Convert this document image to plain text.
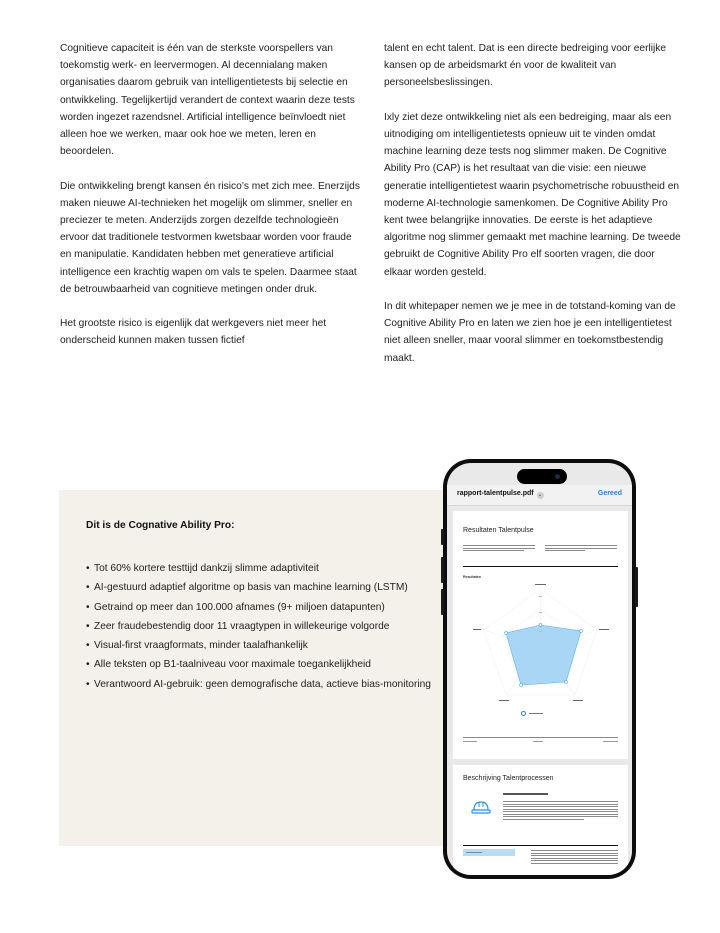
Cognitieve capaciteit is één van de sterkste voorspellers van toekomstig werk- en leervermogen. Al decennialang maken organisaties daarom gebruik van intelligentietests bij selectie en ontwikkeling. Tegelijkertijd verandert de context waarin deze tests worden ingezet razendsnel. Artificial intelligence beïnvloedt niet alleen hoe we werken, maar ook hoe we meten, leren en beoordelen.

Die ontwikkeling brengt kansen én risico’s met zich mee. Enerzijds maken nieuwe AI-technieken het mogelijk om slimmer, sneller en preciezer te meten. Anderzijds zorgen dezelfde technologieën ervoor dat traditionele testvormen kwetsbaar worden voor fraude en manipulatie. Kandidaten hebben met generatieve artificial intelligence een krachtig wapen om vals te spelen. Daarmee staat de betrouwbaarheid van cognitieve metingen onder druk.

Het grootste risico is eigenlijk dat werkgevers niet meer het onderscheid kunnen maken tussen fictief

talent en echt talent. Dat is een directe bedreiging voor eerlijke kansen op de arbeidsmarkt én voor de kwaliteit van personeelsbeslissingen.

Ixly ziet deze ontwikkeling niet als een bedreiging, maar als een uitnodiging om intelligentietests opnieuw uit te vinden omdat machine learning deze tests nog slimmer maken. De Cognitive Ability Pro (CAP) is het resultaat van die visie: een nieuwe generatie intelligentietest waarin psychometrische robuustheid en moderne AI-technologie samenkomen. De Cognitive Ability Pro kent twee belangrijke innovaties. De eerste is het adaptieve algoritme nog slimmer gemaakt met machine learning. De tweede gebruikt de Cognitive Ability Pro elf soorten vragen, die door elkaar worden gesteld.

In dit whitepaper nemen we je mee in de totstand-koming van de Cognitive Ability Pro en laten we zien hoe je een intelligentietest niet alleen sneller, maar vooral slimmer en toekomstbestendig maakt.

Dit is de Cognative Ability Pro:
• Tot 60% kortere testtijd dankzij slimme adaptiviteit
• AI-gestuurd adaptief algoritme op basis van machine learning (LSTM)
• Getraind op meer dan 100.000 afnames (9+ miljoen datapunten)
• Zeer fraudebestendig door 11 vraagtypen in willekeurige volgorde
• Visual-first vraagformats, minder taalafhankelijk
• Alle teksten op B1-taalniveau voor maximale toegankelijkheid
• Verantwoord AI-gebruik: geen demografische data, actieve bias-monitoring
rapport-talentpulse.pdf ⌄	Gereed
Resultaten Talentpulse
Resultaten
Beschrijving Talentprocessen
